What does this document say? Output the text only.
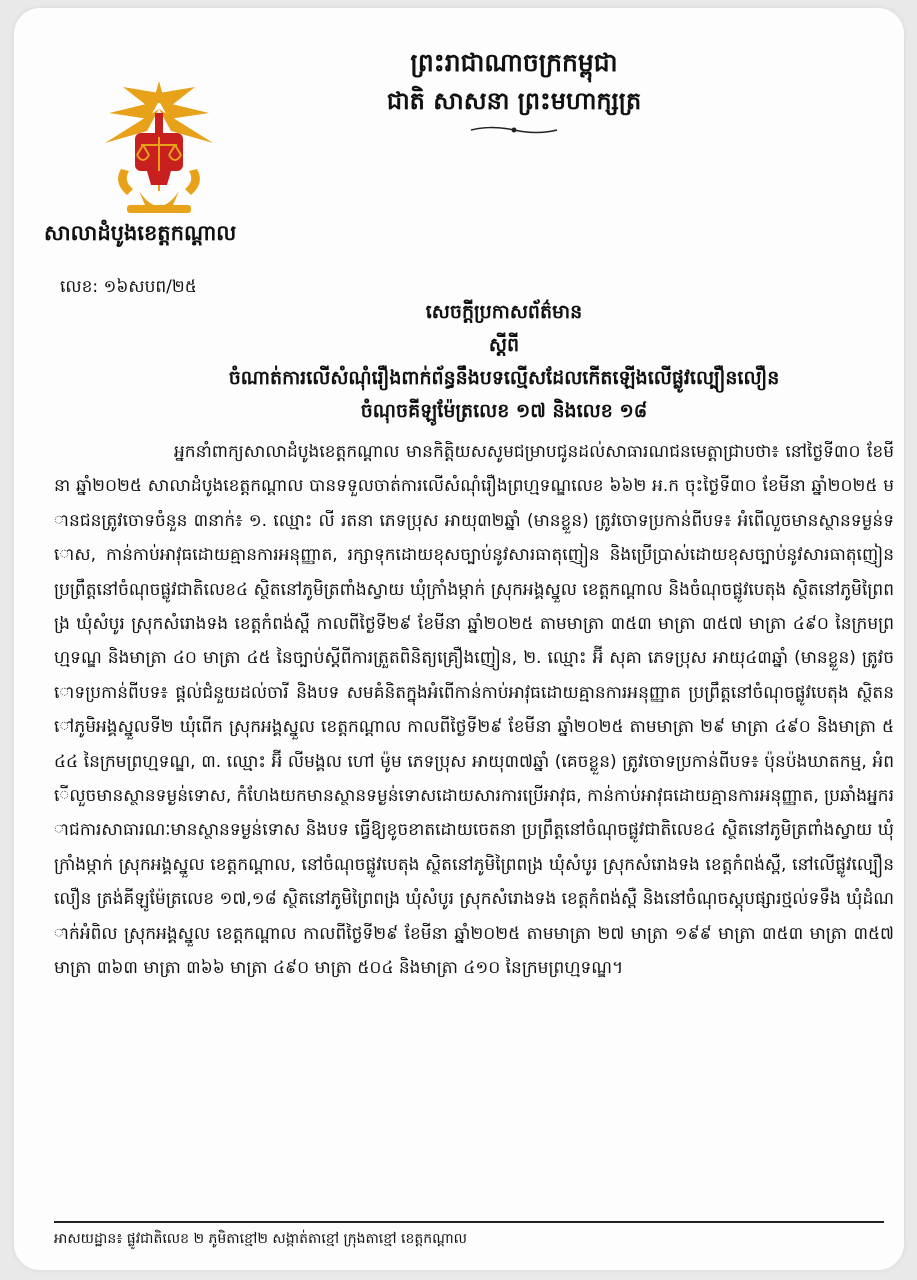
ព្រះរាជាណាចក្រកម្ពុជា
ជាតិ សាសនា ព្រះមហាក្សត្រ
សាលាដំបូងខេត្តកណ្ដាល
លេខ: ១៦សបព/២៥
សេចក្ដីប្រកាសព័ត៌មាន
ស្ដីពី
ចំណាត់ការលើសំណុំរឿងពាក់ព័ន្ធនឹងបទល្មើសដែលកើតឡើងលើផ្លូវល្បឿនលឿន
ចំណុចគីឡូម៉ែត្រលេខ ១៧ និងលេខ ១៨

អ្នកនាំពាក្យសាលាដំបូងខេត្តកណ្តាល មានកិត្តិយសសូមជម្រាបជូនដល់សាធារណជនមេត្តាជ្រាបថា៖ នៅថ្ងៃទី៣០ ខែមីនា ឆ្នាំ២០២៥ សាលាដំបូងខេត្តកណ្តាល បានទទួលចាត់ការលើសំណុំរឿងព្រហ្មទណ្ឌលេខ ៦៦២ អ.ក ចុះថ្ងៃទី៣០ ខែមីនា ឆ្នាំ២០២៥ មានជនត្រូវចោទចំនួន ៣នាក់៖ ១. ឈ្មោះ លី រតនា ភេទប្រុស អាយុ៣២ឆ្នាំ (មានខ្លួន) ត្រូវចោទប្រកាន់ពីបទ៖ អំពើលួចមានស្ថានទម្ងន់ទោស, កាន់កាប់អាវុធដោយគ្មានការអនុញ្ញាត, រក្សាទុកដោយខុសច្បាប់នូវសារធាតុញៀន និងប្រើប្រាស់ដោយខុសច្បាប់នូវសារធាតុញៀន ប្រព្រឹត្តនៅចំណុចផ្លូវជាតិលេខ៤ ស្ថិតនៅភូមិត្រពាំងស្វាយ ឃុំក្រាំងម្កាក់ ស្រុកអង្គស្នួល ខេត្តកណ្ដាល និងចំណុចផ្លូវបេតុង ស្ថិតនៅភូមិព្រៃពង្រ ឃុំសំបូរ ស្រុកសំរោងទង ខេត្តកំពង់ស្ពឺ កាលពីថ្ងៃទី២៩ ខែមីនា ឆ្នាំ២០២៥ តាមមាត្រា ៣៥៣ មាត្រា ៣៥៧ មាត្រា ៤៩០ នៃក្រមព្រហ្មទណ្ឌ និងមាត្រា ៤០ មាត្រា ៤៥ នៃច្បាប់ស្ដីពីការត្រួតពិនិត្យគ្រឿងញៀន, ២. ឈ្មោះ អ៊ី សុគា ភេទប្រុស អាយុ៤៣ឆ្នាំ (មានខ្លួន) ត្រូវចោទប្រកាន់ពីបទ៖ ផ្ដល់ជំនួយដល់ចារី និងបទ សមគំនិតក្នុងអំពើកាន់កាប់អាវុធដោយគ្មានការអនុញ្ញាត ប្រព្រឹត្តនៅចំណុចផ្លូវបេតុង ស្ថិតនៅភូមិអង្គស្នួលទី២ ឃុំពើក ស្រុកអង្គស្នួល ខេត្តកណ្ដាល កាលពីថ្ងៃទី២៩ ខែមីនា ឆ្នាំ២០២៥ តាមមាត្រា ២៩ មាត្រា ៤៩០ និងមាត្រា ៥៤៤ នៃក្រមព្រហ្មទណ្ឌ, ៣. ឈ្មោះ អ៊ី លីមង្គល ហៅ ម៉ូម ភេទប្រុស អាយុ៣៧ឆ្នាំ (គេចខ្លួន) ត្រូវចោទប្រកាន់ពីបទ៖ ប៉ុនប៉ងឃាតកម្ម, អំពើលួចមានស្ថានទម្ងន់ទោស, កំហែងយកមានស្ថានទម្ងន់ទោសដោយសារការប្រើអាវុធ, កាន់កាប់អាវុធដោយគ្មានការអនុញ្ញាត, ប្រឆាំងអ្នករាជការសាធារណៈមានស្ថានទម្ងន់ទោស និងបទ ធ្វើឱ្យខូចខាតដោយចេតនា ប្រព្រឹត្តនៅចំណុចផ្លូវជាតិលេខ៤ ស្ថិតនៅភូមិត្រពាំងស្វាយ ឃុំក្រាំងម្កាក់ ស្រុកអង្គស្នួល ខេត្តកណ្ដាល, នៅចំណុចផ្លូវបេតុង ស្ថិតនៅភូមិព្រៃពង្រ ឃុំសំបូរ ស្រុកសំរោងទង ខេត្តកំពង់ស្ពឺ, នៅលើផ្លូវល្បឿនលឿន ត្រង់គីឡូម៉ែត្រលេខ ១៧,១៨ ស្ថិតនៅភូមិព្រៃពង្រ ឃុំសំបូរ ស្រុកសំរោងទង ខេត្តកំពង់ស្ពឺ និងនៅចំណុចស្តុបផ្សារថ្មល់ទទឹង ឃុំដំណាក់អំពិល ស្រុកអង្គស្នួល ខេត្តកណ្ដាល កាលពីថ្ងៃទី២៩ ខែមីនា ឆ្នាំ២០២៥ តាមមាត្រា ២៧ មាត្រា ១៩៩ មាត្រា ៣៥៣ មាត្រា ៣៥៧ មាត្រា ៣៦៣ មាត្រា ៣៦៦ មាត្រា ៤៩០ មាត្រា ៥០៤ និងមាត្រា ៤១០ នៃក្រមព្រហ្មទណ្ឌ។

អាសយដ្ឋាន៖ ផ្លូវជាតិលេខ ២ ភូមិតាខ្មៅ២ សង្កាត់តាខ្មៅ ក្រុងតាខ្មៅ ខេត្តកណ្ដាល
